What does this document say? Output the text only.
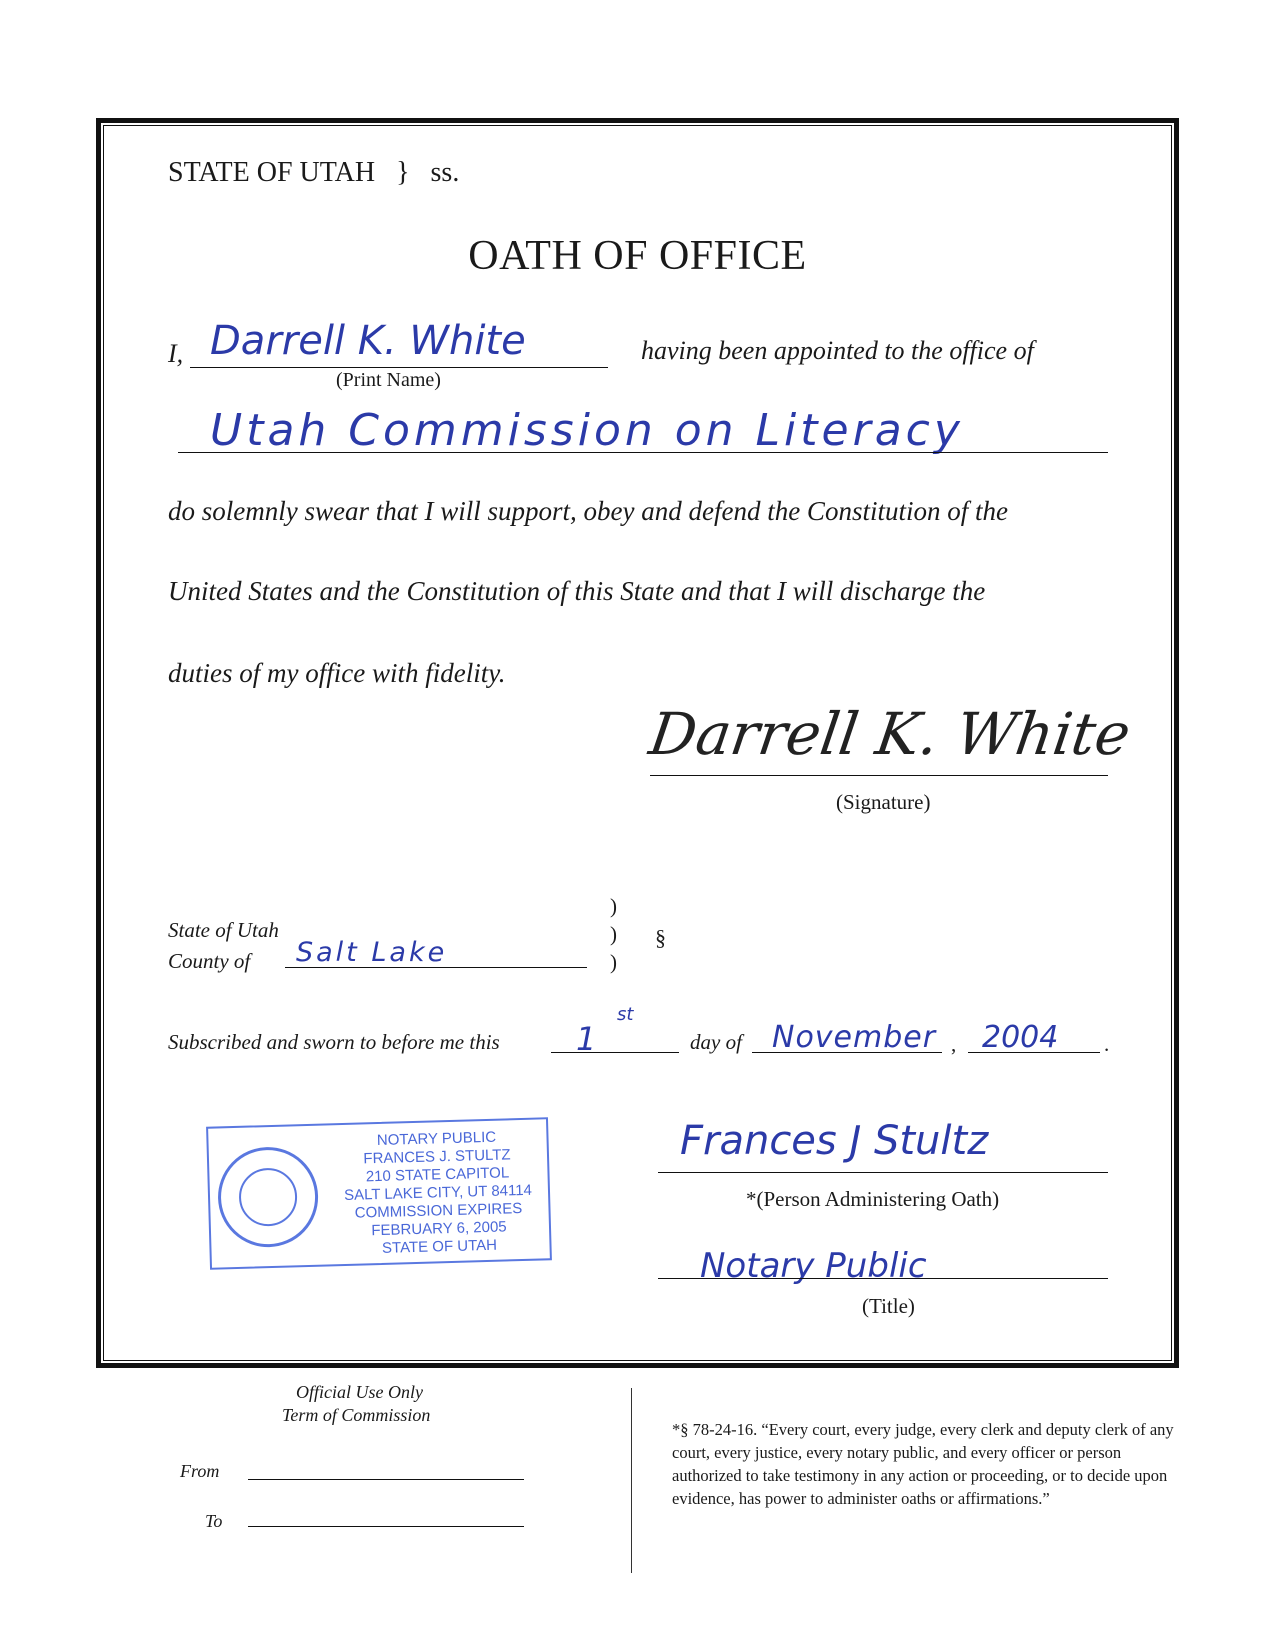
STATE OF UTAH } ss.
OATH OF OFFICE
I, Darrell K. White
(Print Name)
having been appointed to the office of
Utah Commission on Literacy
do solemnly swear that I will support, obey and defend the Constitution of the
United States and the Constitution of this State and that I will discharge the
duties of my office with fidelity.
Darrell K. White
(Signature)
State of Utah
County of Salt Lake
)
)
)
§
Subscribed and sworn to before me this 1
st
day of November , 2004 .
NOTARY PUBLIC
FRANCES J. STULTZ
210 STATE CAPITOL
SALT LAKE CITY, UT 84114
COMMISSION EXPIRES
FEBRUARY 6, 2005
STATE OF UTAH
Frances J Stultz
*(Person Administering Oath)
Notary Public
(Title)
Official Use Only
Term of Commission
From
To
*§ 78-24-16. “Every court, every judge, every clerk and deputy clerk of any court, every justice, every notary public, and every officer or person authorized to take testimony in any action or proceeding, or to decide upon evidence, has power to administer oaths or affirmations.”
